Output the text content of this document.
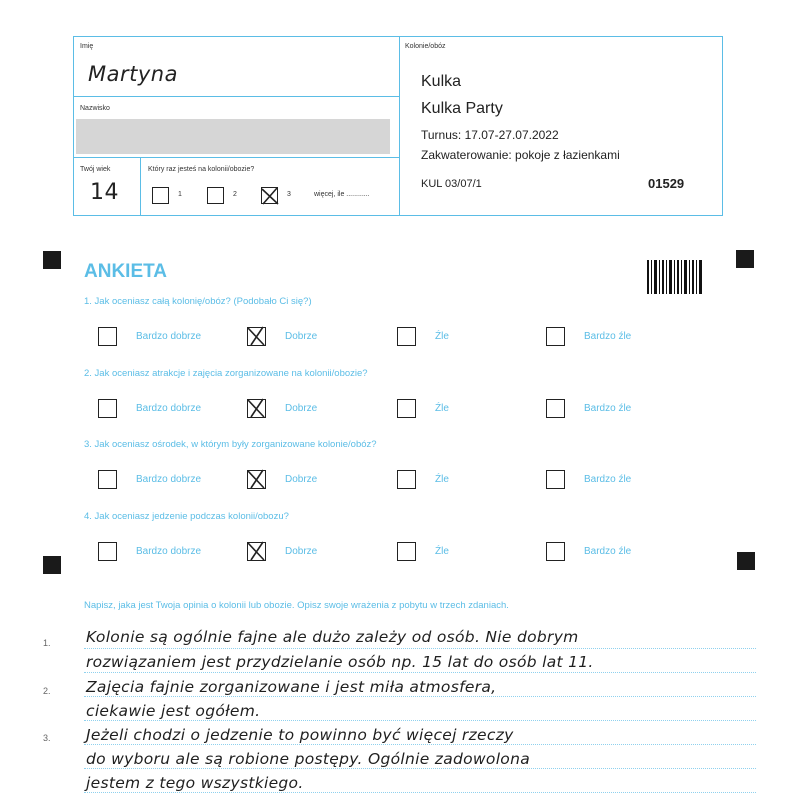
Imię
Martyna
Nazwisko
Twój wiek
14
Który raz jesteś na kolonii/obozie?
1	2	3	więcej, ile ............
Kolonie/obóz
Kulka
Kulka Party
Turnus: 17.07-27.07.2022
Zakwaterowanie: pokoje z łazienkami
KUL 03/07/1	01529
ANKIETA
1. Jak oceniasz całą kolonię/obóz? (Podobało Ci się?)
Bardzo dobrze	Dobrze	Źle	Bardzo źle
2. Jak oceniasz atrakcje i zajęcia zorganizowane na kolonii/obozie?
Bardzo dobrze	Dobrze	Źle	Bardzo źle
3. Jak oceniasz ośrodek, w którym były zorganizowane kolonie/obóz?
Bardzo dobrze	Dobrze	Źle	Bardzo źle
4. Jak oceniasz jedzenie podczas kolonii/obozu?
Bardzo dobrze	Dobrze	Źle	Bardzo źle
Napisz, jaka jest Twoja opinia o kolonii lub obozie. Opisz swoje wrażenia z pobytu w trzech zdaniach.
1.
2.
3.
Kolonie są ogólnie fajne ale dużo zależy od osób. Nie dobrym
rozwiązaniem jest przydzielanie osób np. 15 lat do osób lat 11.
Zajęcia fajnie zorganizowane i jest miła atmosfera,
ciekawie jest ogółem.
Jeżeli chodzi o jedzenie to powinno być więcej rzeczy
do wyboru ale są robione postępy. Ogólnie zadowolona
jestem z tego wszystkiego.
